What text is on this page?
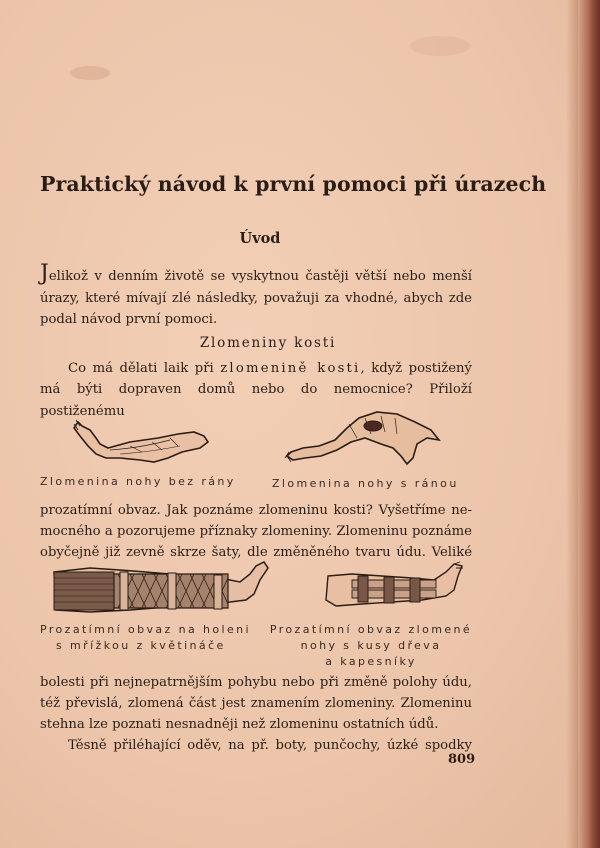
Praktický návod k první pomoci při úrazech
Úvod
Jelikož v denním životě se vyskytnou častěji větší nebo menší
úrazy, které mívají zlé následky, považuji za vhodné, abych zde
podal návod první pomoci.
Zlomeniny kosti
Co má dělati laik při zlomenině kosti, když postižený
má býti dopraven domů nebo do nemocnice? Přiloží postiženému
Zlomenina nohy bez rány	Zlomenina nohy s ránou
prozatímní obvaz. Jak poznáme zlomeninu kosti? Vyšetříme ne-
mocného a pozorujeme příznaky zlomeniny. Zlomeninu poznáme
obyčejně již zevně skrze šaty, dle změněného tvaru údu. Veliké
Prozatímní obvaz na holeni
s mřížkou z květináče
Prozatímní obvaz zlomené
nohy s kusy dřeva
a kapesníky
bolesti při nejnepatrnějším pohybu nebo při změně polohy údu,
též převislá, zlomená část jest znamením zlomeniny. Zlomeninu
stehna lze poznati nesnadněji než zlomeninu ostatních údů.
Těsně přiléhající oděv, na př. boty, punčochy, úzké spodky
809
